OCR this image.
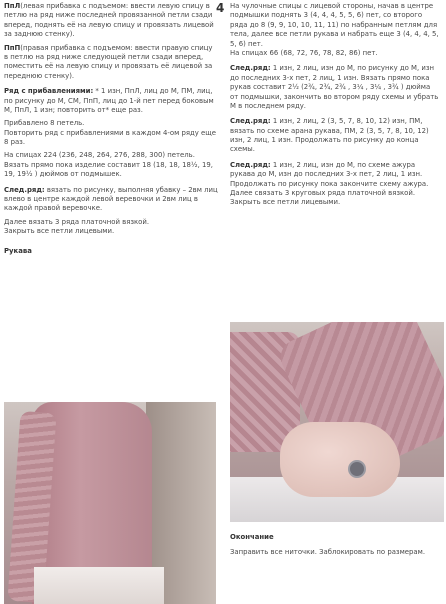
4

ПпЛ(левая прибавка с подъемом: ввести левую спицу в петлю на ряд ниже последней провязанной петли сзади вперед, поднять её на левую спицу и провязать лицевой за заднюю стенку).

ПпП(правая прибавка с подъемом: ввести правую спицу в петлю на ряд ниже следующей петли сзади вперед, поместить её на левую спицу и провязать её лицевой за переднюю стенку).

Ряд с прибавлениями: * 1 изн, ПпЛ, лиц до М, ПМ, лиц, по рисунку до М, СМ, ПпП, лиц до 1-й пет перед боковым М, ПпЛ, 1 изн; повторить от* еще раз.

Прибавлено 8 петель.

Повторить ряд с прибавлениями в каждом 4-ом ряду еще 8 раз.

На спицах 224 (236, 248, 264, 276, 288, 300) петель. Вязать прямо пока изделие составит 18 (18, 18, 18½, 19, 19, 19½ ) дюймов от подмышек.

След.ряд: вязать по рисунку, выполняя убавку – 2вм лиц влево в центре каждой левой веревочки и 2вм лиц в каждой правой веревочке.

Далее вязать 3 ряда платочной вязкой.

Закрыть все петли лицевыми.

Рукава

На чулочные спицы с лицевой стороны, начав в центре подмышки поднять 3 (4, 4, 4, 5, 5, 6) пет, со второго ряда до 8 (9, 9, 10, 10, 11, 11) по набранным петлям для тела, далее все петли рукава и набрать еще 3 (4, 4, 4, 5, 5, 6) пет.

На спицах 66 (68, 72, 76, 78, 82, 86) пет.

След.ряд: 1 изн, 2 лиц, изн до М, по рисунку до М, изн до последних 3-х пет, 2 лиц, 1 изн. Вязать прямо пока рукав составит 2½ (2¾, 2¾, 2¾ , 3¼ , 3¼ , 3¾ ) дюймa от подмышки, закончить во втором ряду схемы и убрать М в последнем ряду.

След.ряд: 1 изн, 2 лиц, 2 (3, 5, 7, 8, 10, 12) изн, ПМ, вязать по схеме арана рукава, ПМ, 2 (3, 5, 7, 8, 10, 12) изн, 2 лиц, 1 изн. Продолжать по рисунку до конца схемы.

След.ряд: 1 изн, 2 лиц, изн до М, по схеме ажура рукава до М, изн до последних 3-х пет, 2 лиц, 1 изн. Продолжать по рисунку пока закончите схему ажура. Далее связать 3 круговых ряда платочной вязкой. Закрыть все петли лицевыми.

Окончание

Заправить все ниточки. Заблокировать по размерам.
